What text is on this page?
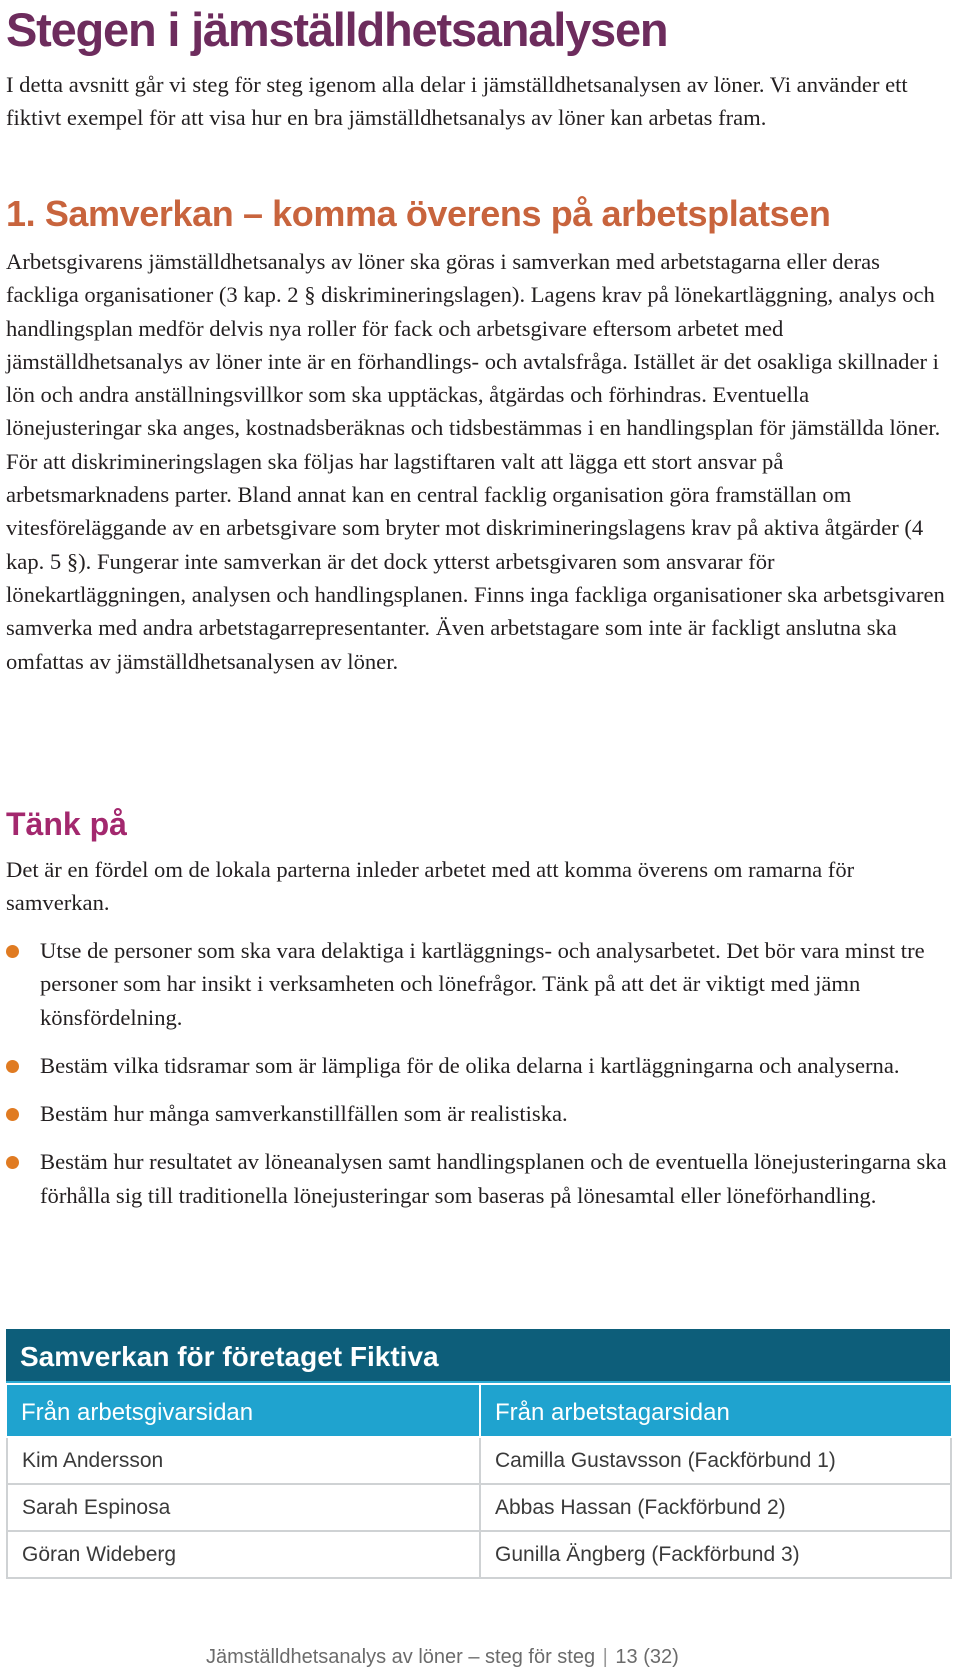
Stegen i jämställdhetsanalysen
I detta avsnitt går vi steg för steg igenom alla delar i jämställdhetsanalysen av löner. Vi använder ett fiktivt exempel för att visa hur en bra jämställdhetsanalys av löner kan arbetas fram.
1. Samverkan – komma överens på arbetsplatsen
Arbetsgivarens jämställdhetsanalys av löner ska göras i samverkan med arbetstagarna eller deras fackliga organisationer (3 kap. 2 § diskrimineringslagen). Lagens krav på lönekartläggning, analys och handlingsplan medför delvis nya roller för fack och arbetsgivare eftersom arbetet med jämställdhetsanalys av löner inte är en förhandlings- och avtalsfråga. Istället är det osakliga skillnader i lön och andra anställningsvillkor som ska upptäckas, åtgärdas och förhindras. Eventuella lönejusteringar ska anges, kostnadsberäknas och tidsbestämmas i en handlingsplan för jämställda löner. För att diskrimineringslagen ska följas har lagstiftaren valt att lägga ett stort ansvar på arbetsmarknadens parter. Bland annat kan en central facklig organisation göra framställan om vitesföreläggande av en arbetsgivare som bryter mot diskrimineringslagens krav på aktiva åtgärder (4 kap. 5 §). Fungerar inte samverkan är det dock ytterst arbetsgivaren som ansvarar för lönekartläggningen, analysen och handlingsplanen. Finns inga fackliga organisationer ska arbetsgivaren samverka med andra arbetstagarrepresentanter. Även arbetstagare som inte är fackligt anslutna ska omfattas av jämställdhetsanalysen av löner.
Tänk på
Det är en fördel om de lokala parterna inleder arbetet med att komma överens om ramarna för samverkan.
Utse de personer som ska vara delaktiga i kartläggnings- och analysarbetet. Det bör vara minst tre personer som har insikt i verksamheten och lönefrågor. Tänk på att det är viktigt med jämn könsfördelning.
Bestäm vilka tidsramar som är lämpliga för de olika delarna i kartläggningarna och analyserna.
Bestäm hur många samverkanstillfällen som är realistiska.
Bestäm hur resultatet av löneanalysen samt handlingsplanen och de eventuella lönejusteringarna ska förhålla sig till traditionella lönejusteringar som baseras på lönesamtal eller löneförhandling.
Samverkan för företaget Fiktiva
Från arbetsgivarsidan	Från arbetstagarsidan
Kim Andersson	Camilla Gustavsson (Fackförbund 1)
Sarah Espinosa	Abbas Hassan (Fackförbund 2)
Göran Wideberg	Gunilla Ängberg (Fackförbund 3)
Jämställdhetsanalys av löner – steg för steg | 13 (32)
